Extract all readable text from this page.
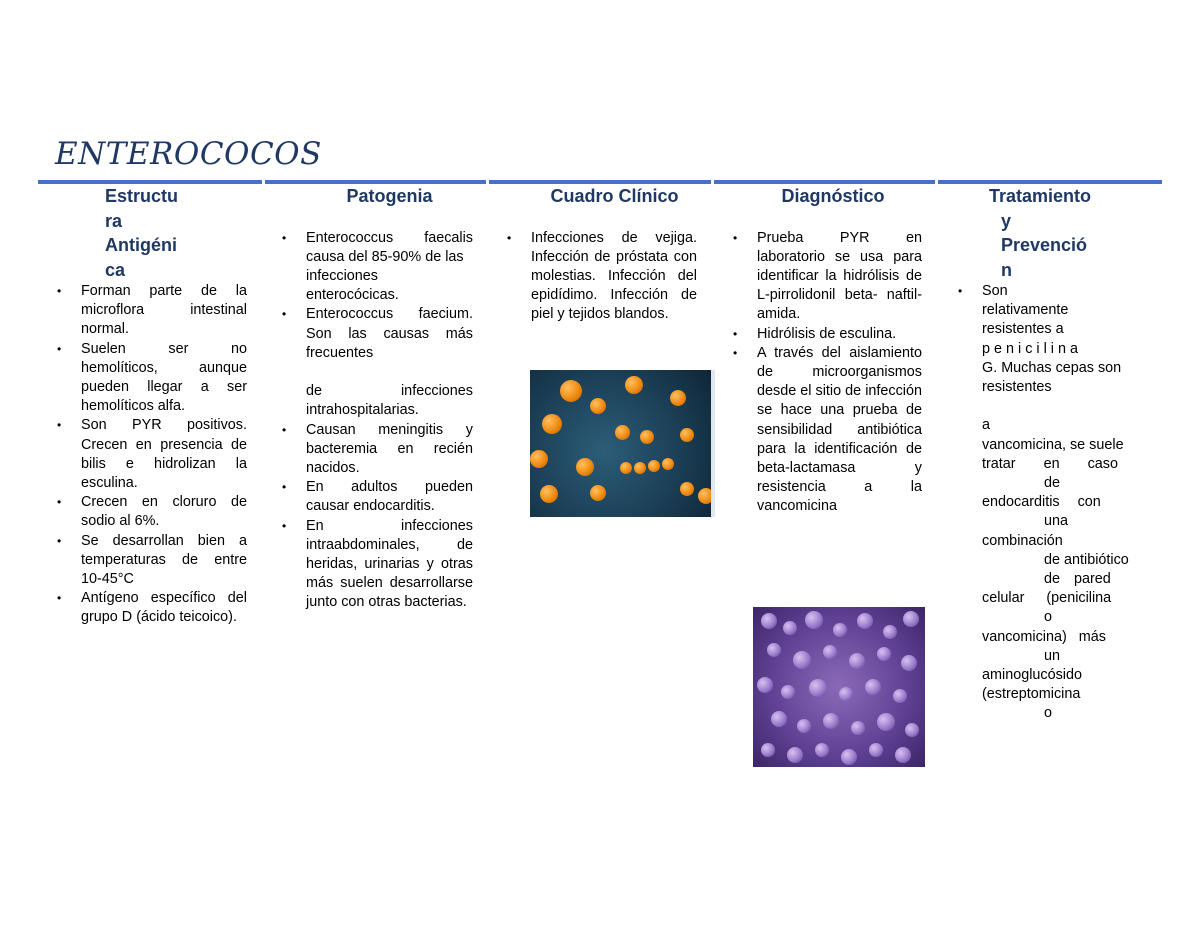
ENTEROCOCOS
Estructu
ra
Antigéni
ca
• Forman parte de la microflora intestinal normal.
• Suelen ser no hemolíticos, aunque pueden llegar a ser hemolíticos alfa.
• Son PYR positivos. Crecen en presencia de bilis e hidrolizan la esculina.
• Crecen en cloruro de sodio al 6%.
• Se desarrollan bien a temperaturas de entre 10-45°C
• Antígeno específico del grupo D (ácido teicoico).
Patogenia
• Enterococcus faecalis causa del 85-90% de las
infecciones enterocócicas.
• Enterococcus faecium. Son las causas más frecuentes

de infecciones intrahospitalarias.
• Causan meningitis y bacteremia en recién nacidos.
• En adultos pueden causar endocarditis.
• En infecciones intraabdominales, de heridas, urinarias y otras más suelen desarrollarse junto con otras bacterias.
Cuadro Clínico
• Infecciones de vejiga. Infección de próstata con molestias. Infección del epidídimo. Infección de piel y tejidos blandos.
Diagnóstico
• Prueba PYR en laboratorio se usa para identificar la hidrólisis de L-pirrolidonil beta- naftil-amida.
• Hidrólisis de esculina.
• A través del aislamiento de microorganismos desde el sitio de infección se hace una prueba de sensibilidad antibiótica para la identificación de beta-lactamasa y resistencia a la vancomicina
Tratamiento
y
Prevenció
n
• Son
relativamente
resistentes a
p e n i c i l i n a
G. Muchas cepas son
resistentes
a
vancomicina, se suele
tratar en caso
de
endocarditis con
una
combinación
de antibiótico
de pared
celular (penicilina
o
vancomicina) más
un
aminoglucósido
(estreptomicina
o
